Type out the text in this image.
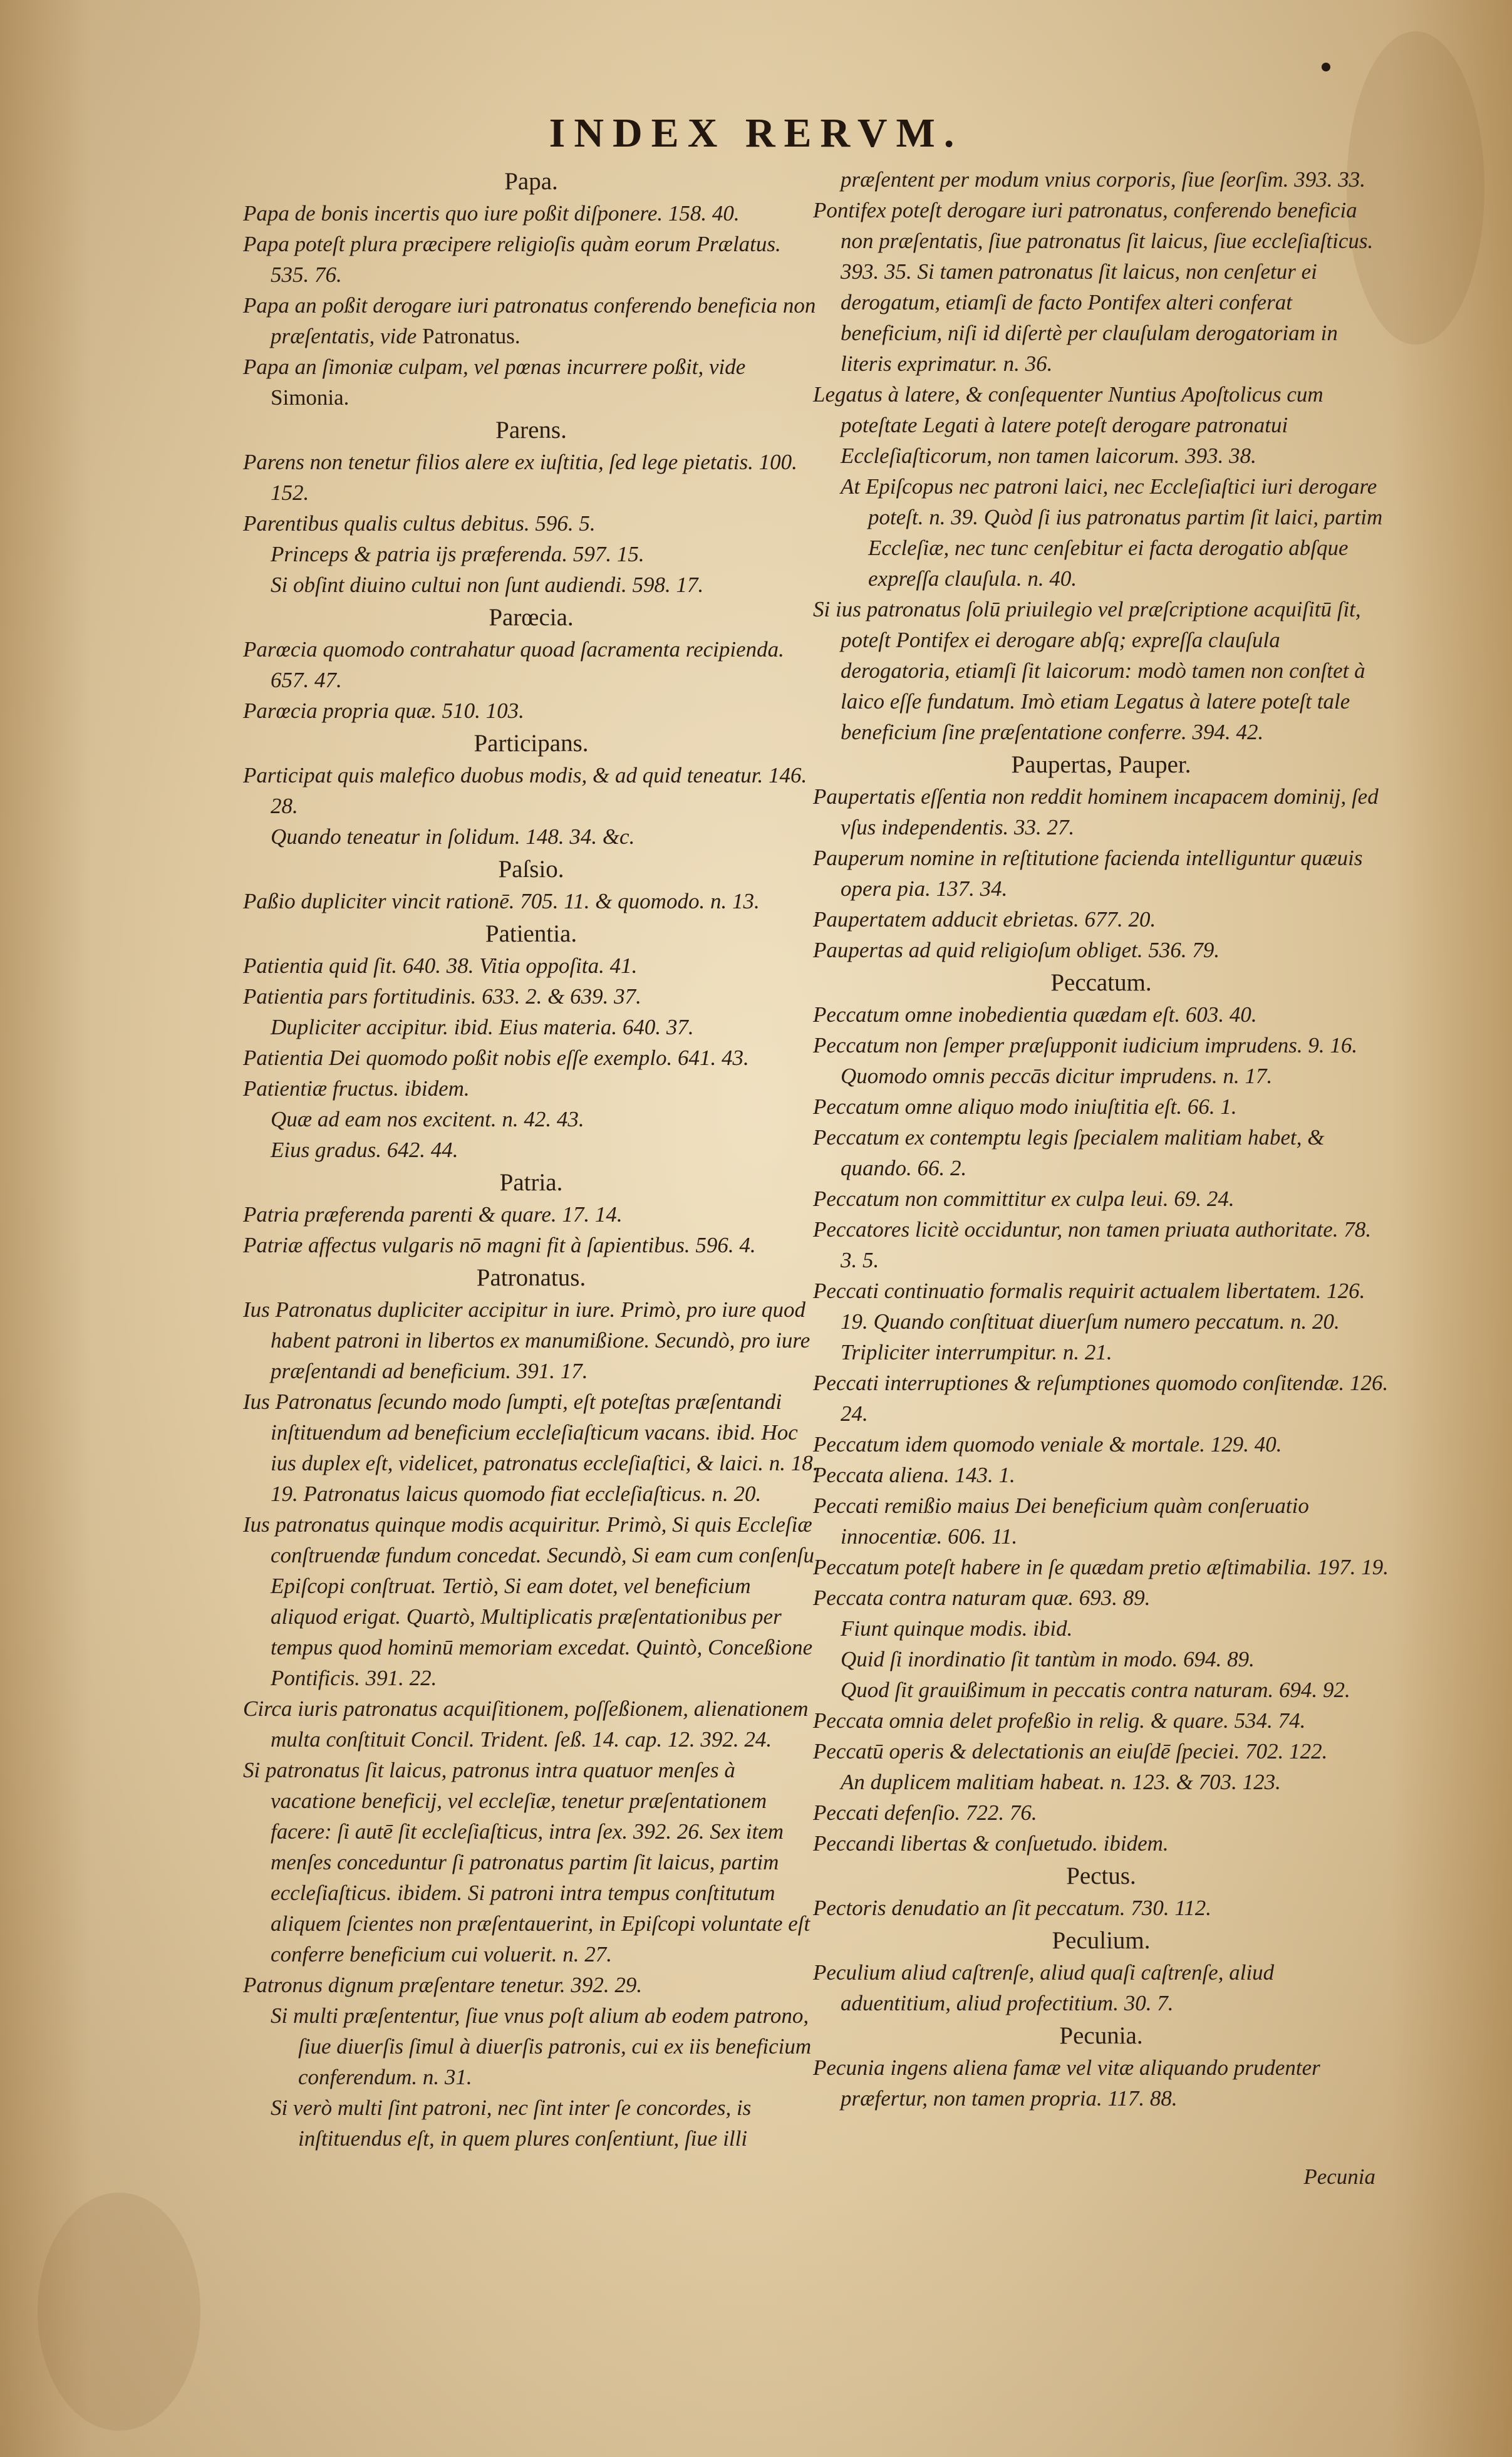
INDEX RERVM.
Papa.
Papa de bonis incertis quo iure poßit diſponere. 158. 40.
Papa poteſt plura præcipere religioſis quàm eorum Prælatus. 535. 76.
Papa an poßit derogare iuri patronatus conferendo beneficia non præſentatis, vide Patronatus.
Papa an ſimoniæ culpam, vel pœnas incurrere poßit, vide Simonia.
Parens.
Parens non tenetur filios alere ex iuſtitia, ſed lege pietatis. 100. 152.
Parentibus qualis cultus debitus. 596. 5.
Princeps & patria ijs præferenda. 597. 15.
Si obſint diuino cultui non ſunt audiendi. 598. 17.
Parœcia.
Parœcia quomodo contrahatur quoad ſacramenta recipienda. 657. 47.
Parœcia propria quæ. 510. 103.
Participans.
Participat quis malefico duobus modis, & ad quid teneatur. 146. 28.
Quando teneatur in ſolidum. 148. 34. &c.
Paſsio.
Paßio dupliciter vincit rationē. 705. 11. & quomodo. n. 13.
Patientia.
Patientia quid ſit. 640. 38. Vitia oppoſita. 41.
Patientia pars fortitudinis. 633. 2. & 639. 37.
Dupliciter accipitur. ibid. Eius materia. 640. 37.
Patientia Dei quomodo poßit nobis eſſe exemplo. 641. 43.
Patientiæ fructus. ibidem.
Quæ ad eam nos excitent. n. 42. 43.
Eius gradus. 642. 44.
Patria.
Patria præferenda parenti & quare. 17. 14.
Patriæ affectus vulgaris nō magni fit à ſapientibus. 596. 4.
Patronatus.
Ius Patronatus dupliciter accipitur in iure. Primò, pro iure quod habent patroni in libertos ex manumißione. Secundò, pro iure præſentandi ad beneficium. 391. 17.
Ius Patronatus ſecundo modo ſumpti, eſt poteſtas præſentandi inſtituendum ad beneficium eccleſiaſticum vacans. ibid. Hoc ius duplex eſt, videlicet, patronatus eccleſiaſtici, & laici. n. 18. 19. Patronatus laicus quomodo fiat eccleſiaſticus. n. 20.
Ius patronatus quinque modis acquiritur. Primò, Si quis Eccleſiæ conſtruendæ fundum concedat. Secundò, Si eam cum conſenſu Epiſcopi conſtruat. Tertiò, Si eam dotet, vel beneficium aliquod erigat. Quartò, Multiplicatis præſentationibus per tempus quod hominū memoriam excedat. Quintò, Conceßione Pontificis. 391. 22.
Circa iuris patronatus acquiſitionem, poſſeßionem, alienationem multa conſtituit Concil. Trident. ſeß. 14. cap. 12. 392. 24.
Si patronatus ſit laicus, patronus intra quatuor menſes à vacatione beneficij, vel eccleſiæ, tenetur præſentationem facere: ſi autē ſit eccleſiaſticus, intra ſex. 392. 26. Sex item menſes conceduntur ſi patronatus partim ſit laicus, partim eccleſiaſticus. ibidem. Si patroni intra tempus conſtitutum aliquem ſcientes non præſentauerint, in Epiſcopi voluntate eſt conferre beneficium cui voluerit. n. 27.
Patronus dignum præſentare tenetur. 392. 29.
Si multi præſententur, ſiue vnus poſt alium ab eodem patrono, ſiue diuerſis ſimul à diuerſis patronis, cui ex iis beneficium conferendum. n. 31.
Si verò multi ſint patroni, nec ſint inter ſe concordes, is inſtituendus eſt, in quem plures conſentiunt, ſiue illi
præſentent per modum vnius corporis, ſiue ſeorſim. 393. 33.
Pontifex poteſt derogare iuri patronatus, conferendo beneficia non præſentatis, ſiue patronatus ſit laicus, ſiue eccleſiaſticus. 393. 35. Si tamen patronatus ſit laicus, non cenſetur ei derogatum, etiamſi de facto Pontifex alteri conferat beneficium, niſi id diſertè per clauſulam derogatoriam in literis exprimatur. n. 36.
Legatus à latere, & conſequenter Nuntius Apoſtolicus cum poteſtate Legati à latere poteſt derogare patronatui Eccleſiaſticorum, non tamen laicorum. 393. 38.
At Epiſcopus nec patroni laici, nec Eccleſiaſtici iuri derogare poteſt. n. 39. Quòd ſi ius patronatus partim ſit laici, partim Eccleſiæ, nec tunc cenſebitur ei facta derogatio abſque expreſſa clauſula. n. 40.
Si ius patronatus ſolū priuilegio vel præſcriptione acquiſitū ſit, poteſt Pontifex ei derogare abſq; expreſſa clauſula derogatoria, etiamſi ſit laicorum: modò tamen non conſtet à laico eſſe fundatum. Imò etiam Legatus à latere poteſt tale beneficium ſine præſentatione conferre. 394. 42.
Paupertas, Pauper.
Paupertatis eſſentia non reddit hominem incapacem dominij, ſed vſus independentis. 33. 27.
Pauperum nomine in reſtitutione facienda intelliguntur quæuis opera pia. 137. 34.
Paupertatem adducit ebrietas. 677. 20.
Paupertas ad quid religioſum obliget. 536. 79.
Peccatum.
Peccatum omne inobedientia quædam eſt. 603. 40.
Peccatum non ſemper præſupponit iudicium imprudens. 9. 16. Quomodo omnis peccās dicitur imprudens. n. 17.
Peccatum omne aliquo modo iniuſtitia eſt. 66. 1.
Peccatum ex contemptu legis ſpecialem malitiam habet, & quando. 66. 2.
Peccatum non committitur ex culpa leui. 69. 24.
Peccatores licitè occiduntur, non tamen priuata authoritate. 78. 3. 5.
Peccati continuatio formalis requirit actualem libertatem. 126. 19. Quando conſtituat diuerſum numero peccatum. n. 20. Tripliciter interrumpitur. n. 21.
Peccati interruptiones & reſumptiones quomodo conſitendæ. 126. 24.
Peccatum idem quomodo veniale & mortale. 129. 40.
Peccata aliena. 143. 1.
Peccati remißio maius Dei beneficium quàm conſeruatio innocentiæ. 606. 11.
Peccatum poteſt habere in ſe quædam pretio æſtimabilia. 197. 19.
Peccata contra naturam quæ. 693. 89.
Fiunt quinque modis. ibid.
Quid ſi inordinatio ſit tantùm in modo. 694. 89.
Quod ſit grauißimum in peccatis contra naturam. 694. 92.
Peccata omnia delet profeßio in relig. & quare. 534. 74.
Peccatū operis & delectationis an eiuſdē ſpeciei. 702. 122.
An duplicem malitiam habeat. n. 123. & 703. 123.
Peccati defenſio. 722. 76.
Peccandi libertas & conſuetudo. ibidem.
Pectus.
Pectoris denudatio an ſit peccatum. 730. 112.
Peculium.
Peculium aliud caſtrenſe, aliud quaſi caſtrenſe, aliud aduentitium, aliud profectitium. 30. 7.
Pecunia.
Pecunia ingens aliena famæ vel vitæ aliquando prudenter præfertur, non tamen propria. 117. 88.
Pecunia
